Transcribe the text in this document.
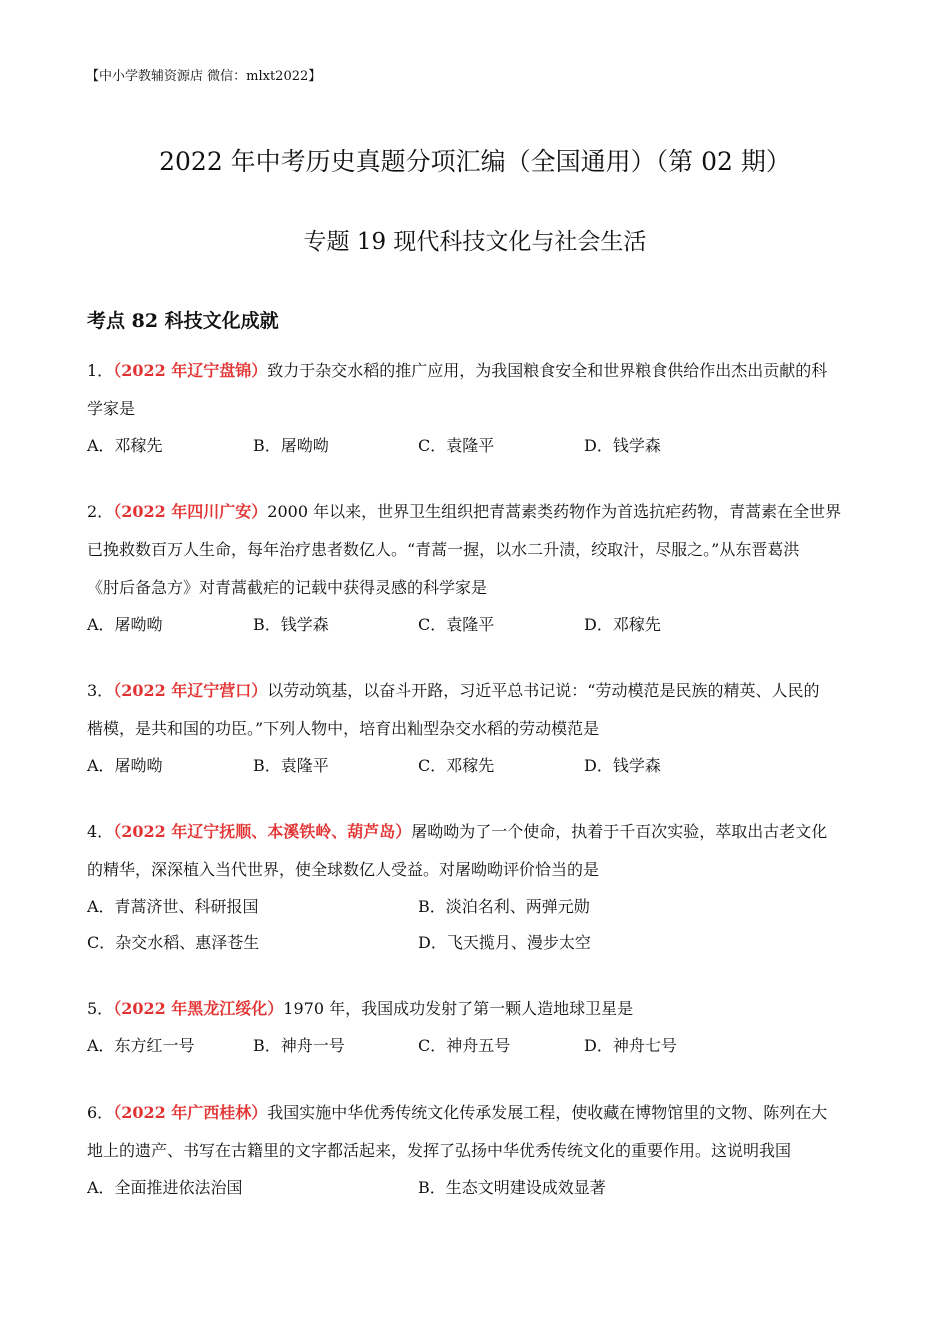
【中小学教辅资源店 微信：mlxt2022】
2022 年中考历史真题分项汇编（全国通用）（第 02 期）
专题 19 现代科技文化与社会生活
考点 82 科技文化成就
1．（2022 年辽宁盘锦）致力于杂交水稻的推广应用，为我国粮食安全和世界粮食供给作出杰出贡献的科
学家是
A．邓稼先	B．屠呦呦	C．袁隆平	D．钱学森
2．（2022 年四川广安）2000 年以来，世界卫生组织把青蒿素类药物作为首选抗疟药物，青蒿素在全世界
已挽救数百万人生命，每年治疗患者数亿人。“青蒿一握，以水二升渍，绞取汁，尽服之。”从东晋葛洪
《肘后备急方》对青蒿截疟的记载中获得灵感的科学家是
A．屠呦呦	B．钱学森	C．袁隆平	D．邓稼先
3．（2022 年辽宁营口）以劳动筑基，以奋斗开路，习近平总书记说：“劳动模范是民族的精英、人民的
楷模，是共和国的功臣。”下列人物中，培育出籼型杂交水稻的劳动模范是
A．屠呦呦	B．袁隆平	C．邓稼先	D．钱学森
4．（2022 年辽宁抚顺、本溪铁岭、葫芦岛）屠呦呦为了一个使命，执着于千百次实验，萃取出古老文化
的精华，深深植入当代世界，使全球数亿人受益。对屠呦呦评价恰当的是
A．青蒿济世、科研报国	B．淡泊名利、两弹元勋
C．杂交水稻、惠泽苍生	D．飞天揽月、漫步太空
5．（2022 年黑龙江绥化）1970 年，我国成功发射了第一颗人造地球卫星是
A．东方红一号	B．神舟一号	C．神舟五号	D．神舟七号
6．（2022 年广西桂林）我国实施中华优秀传统文化传承发展工程，使收藏在博物馆里的文物、陈列在大
地上的遗产、书写在古籍里的文字都活起来，发挥了弘扬中华优秀传统文化的重要作用。这说明我国
A．全面推进依法治国	B．生态文明建设成效显著
